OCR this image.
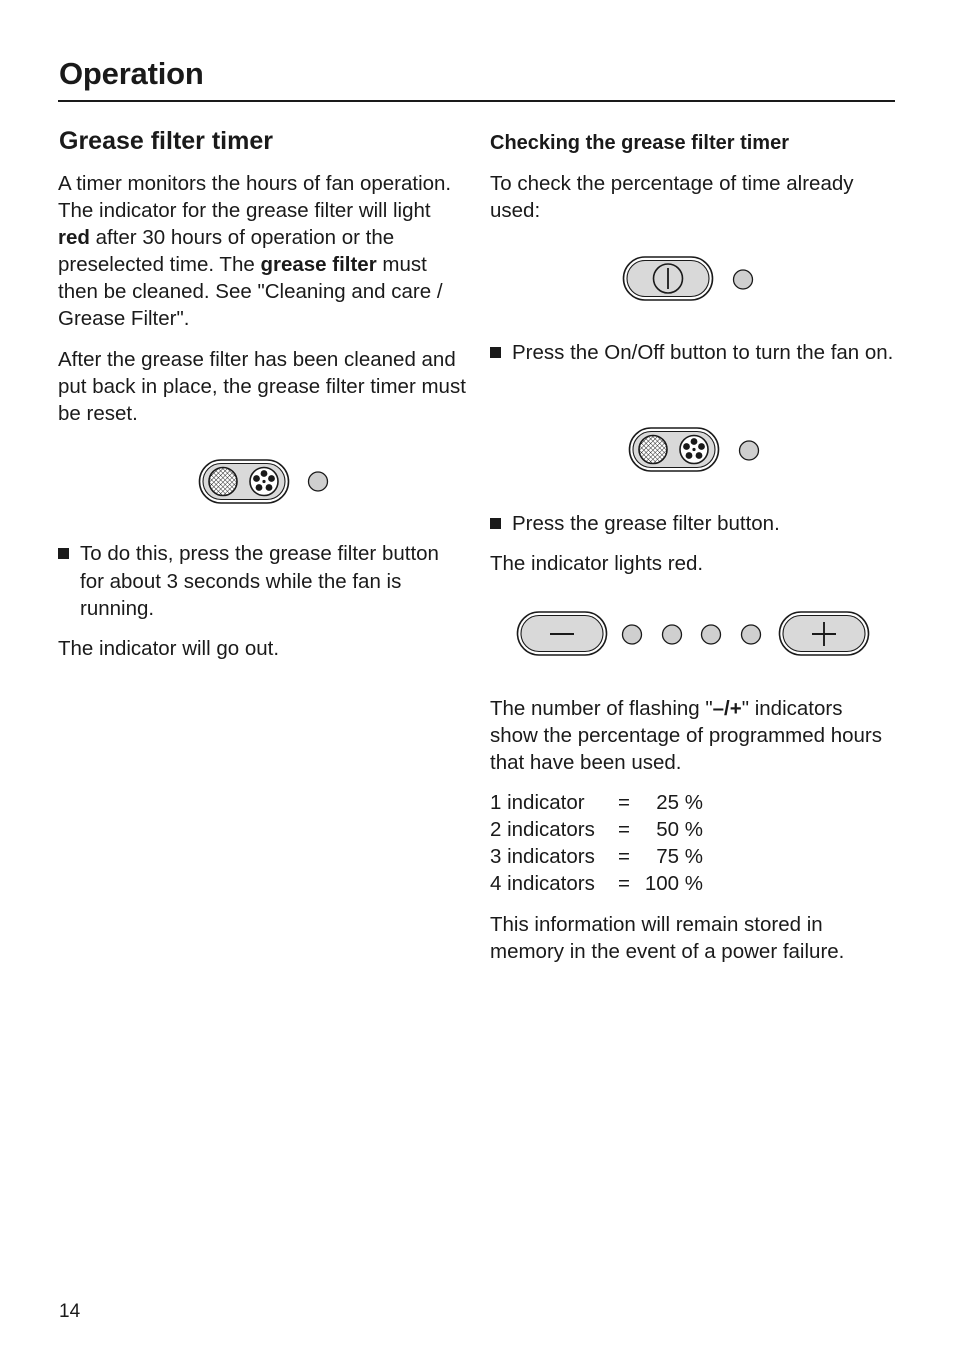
Operation
Grease filter timer

A timer monitors the hours of fan operation. The indicator for the grease filter will light red after 30 hours of operation or the preselected time. The grease filter must then be cleaned. See "Cleaning and care / Grease Filter".

After the grease filter has been cleaned and put back in place, the grease filter timer must be reset.

To do this, press the grease filter button for about 3 seconds while the fan is running.

The indicator will go out.

Checking the grease filter timer

To check the percentage of time already used:

Press the On/Off button to turn the fan on.

Press the grease filter button.

The indicator lights red.

The number of flashing "–/+" indicators show the percentage of programmed hours that have been used.

1 indicator =	25 %
2 indicators =	50 %
3 indicators =	75 %
4 indicators = 100 %

This information will remain stored in memory in the event of a power failure.

14
